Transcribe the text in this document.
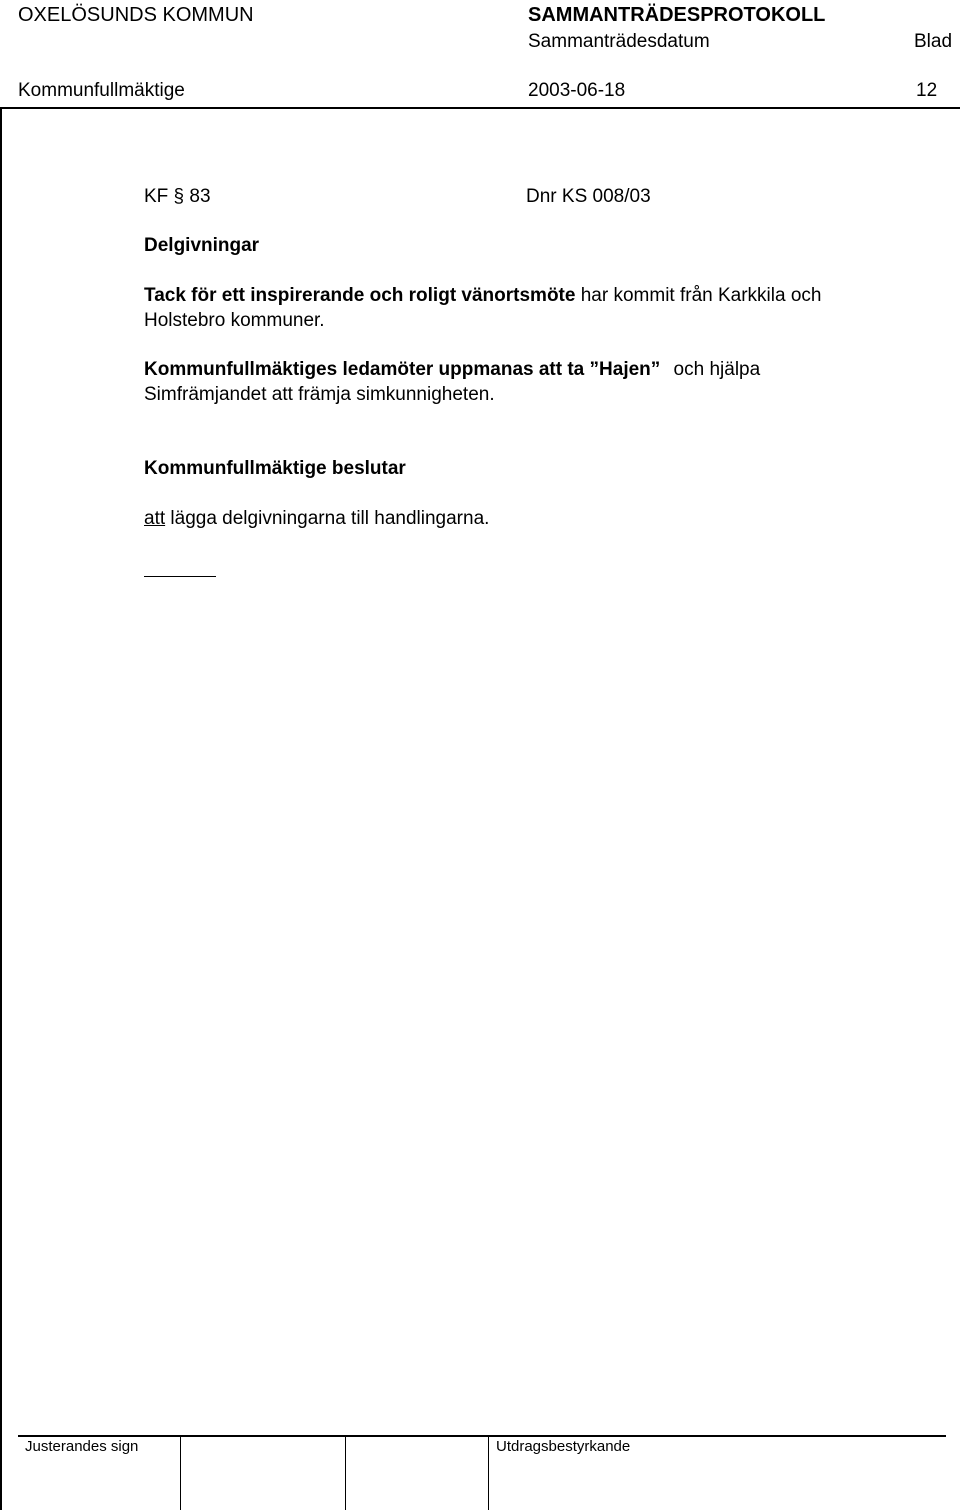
OXELÖSUNDS KOMMUN	SAMMANTRÄDESPROTOKOLL
Sammanträdesdatum	Blad
Kommunfullmäktige	2003-06-18	12
KF § 83	Dnr KS 008/03
Delgivningar
Tack för ett inspirerande och roligt vänortsmöte har kommit från Karkkila och
Holstebro kommuner.
Kommunfullmäktiges ledamöter uppmanas att ta ”Hajen” och hjälpa
Simfrämjandet att främja simkunnigheten.
Kommunfullmäktige beslutar
att lägga delgivningarna till handlingarna.
Justerandes sign	Utdragsbestyrkande
